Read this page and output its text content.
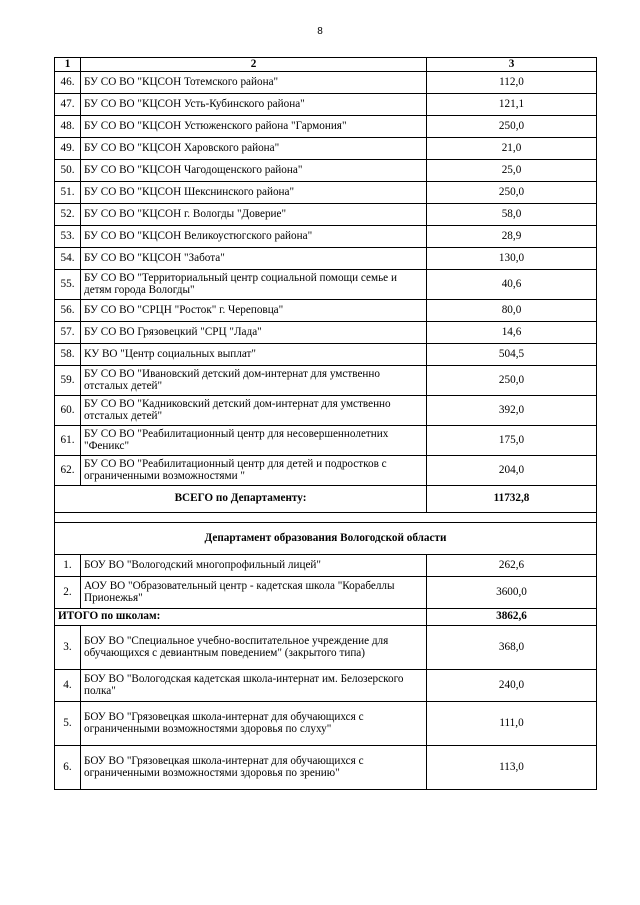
8
1	2	3
46.	БУ СО ВО "КЦСОН Тотемского района"	112,0
47.	БУ СО ВО "КЦСОН Усть-Кубинского района"	121,1
48.	БУ СО ВО "КЦСОН Устюженского района "Гармония"	250,0
49.	БУ СО ВО "КЦСОН Харовского района"	21,0
50.	БУ СО ВО "КЦСОН Чагодощенского района"	25,0
51.	БУ СО ВО "КЦСОН Шекснинского района"	250,0
52.	БУ СО ВО "КЦСОН г. Вологды "Доверие"	58,0
53.	БУ СО ВО "КЦСОН Великоустюгского района"	28,9
54.	БУ СО ВО "КЦСОН "Забота"	130,0
55.	БУ СО ВО "Территориальный центр социальной помощи семье и детям города Вологды"	40,6
56.	БУ СО ВО "СРЦН "Росток" г. Череповца"	80,0
57.	БУ СО ВО Грязовецкий "СРЦ "Лада"	14,6
58.	КУ ВО "Центр социальных выплат"	504,5
59.	БУ СО ВО "Ивановский детский дом-интернат для умственно отсталых детей"	250,0
60.	БУ СО ВО "Кадниковский детский дом-интернат для умственно отсталых детей"	392,0
61.	БУ СО ВО "Реабилитационный центр для несовершеннолетних "Феникс"	175,0
62.	БУ СО ВО "Реабилитационный центр для детей и подростков с ограниченными возможностями "	204,0
ВСЕГО по Департаменту:		11732,8

Департамент образования Вологодской области		
1.	БОУ ВО "Вологодский многопрофильный лицей"	262,6
2.	АОУ ВО "Образовательный центр - кадетская школа "Корабеллы Прионежья"	3600,0
ИТОГО по школам:		3862,6
3.	БОУ ВО "Специальное учебно-воспитательное учреждение для обучающихся с девиантным поведением" (закрытого типа)	368,0
4.	БОУ ВО "Вологодская кадетская школа-интернат им. Белозерского полка"	240,0
5.	БОУ ВО "Грязовецкая школа-интернат для обучающихся с ограниченными возможностями здоровья по слуху"	111,0
6.	БОУ ВО "Грязовецкая школа-интернат для обучающихся с ограниченными возможностями здоровья по зрению"	113,0
